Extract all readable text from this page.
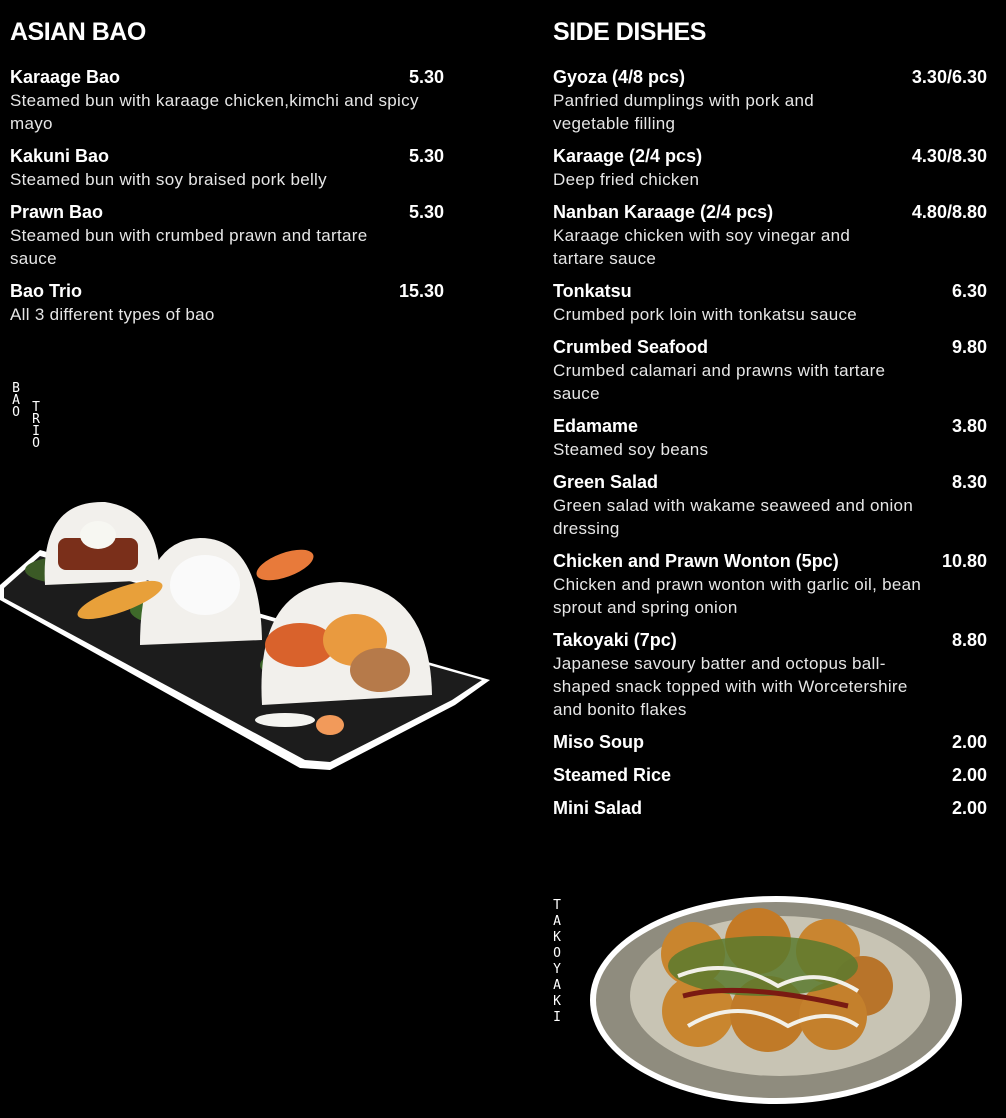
ASIAN BAO
Karaage Bao	5.30
Steamed bun with karaage chicken,kimchi and spicy mayo
Kakuni Bao	5.30
Steamed bun with soy braised pork belly
Prawn Bao	5.30
Steamed bun with crumbed prawn and tartare sauce
Bao Trio	15.30
All 3 different types of bao
B
A
O T
R
I
O
SIDE DISHES
Gyoza (4/8 pcs)	3.30/6.30
Panfried dumplings with pork and vegetable filling
Karaage (2/4 pcs)	4.30/8.30
Deep fried chicken
Nanban Karaage (2/4 pcs)	4.80/8.80
Karaage chicken with soy vinegar and tartare sauce
Tonkatsu	6.30
Crumbed pork loin with tonkatsu sauce
Crumbed Seafood	9.80
Crumbed calamari and prawns with tartare sauce
Edamame	3.80
Steamed soy beans
Green Salad	8.30
Green salad with wakame seaweed and onion dressing
Chicken and Prawn Wonton (5pc)	10.80
Chicken and prawn wonton with garlic oil, bean sprout and spring onion
Takoyaki (7pc)	8.80
Japanese savoury batter and octopus ball-shaped snack topped with with Worcetershire and bonito flakes
Miso Soup	2.00
Steamed Rice	2.00
Mini Salad	2.00
T
A
K
O
Y
A
K
I
